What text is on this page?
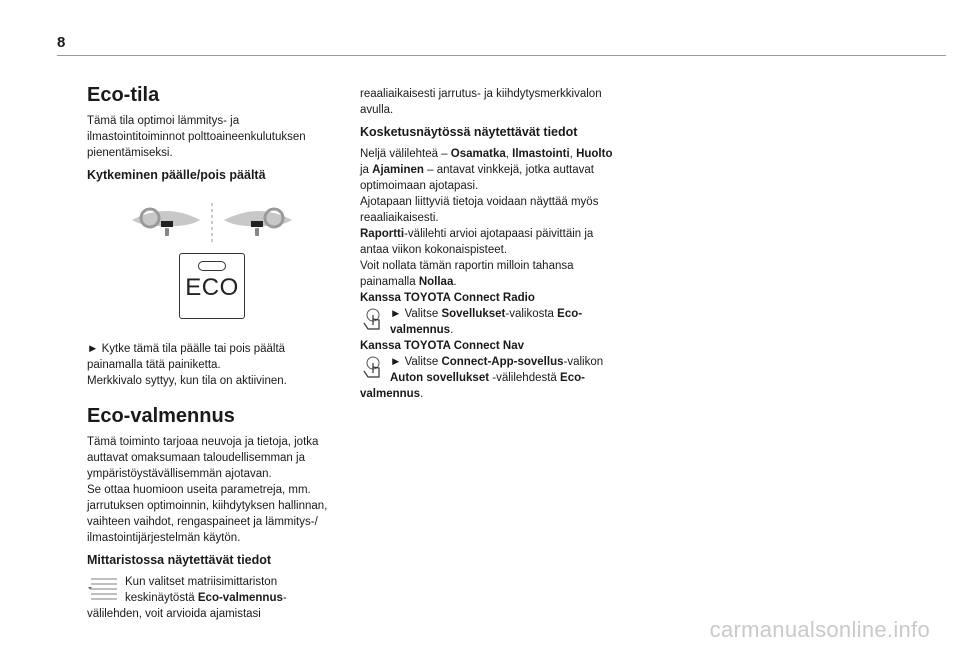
8
Eco-tila

Tämä tila optimoi lämmitys- ja ilmastointitoiminnot polttoaineenkulutuksen pienentämiseksi.

Kytkeminen päälle/pois päältä
ECO

► Kytke tämä tila päälle tai pois päältä painamalla tätä painiketta.

Merkkivalo syttyy, kun tila on aktiivinen.

Eco-valmennus

Tämä toiminto tarjoaa neuvoja ja tietoja, jotka auttavat omaksumaan taloudellisemman ja ympäristöystävällisemmän ajotavan.

Se ottaa huomioon useita parametreja, mm. jarrutuksen optimoinnin, kiihdytyksen hallinnan, vaihteen vaihdot, rengaspaineet ja lämmitys-/ ilmastointijärjestelmän käytön.

Mittaristossa näytettävät tiedot

Kun valitset matriisimittariston keskinäytöstä Eco-valmennus-välilehden, voit arvioida ajamistasi

reaaliaikaisesti jarrutus- ja kiihdytysmerkkivalon avulla.

Kosketusnäytössä näytettävät tiedot

Neljä välilehteä – Osamatka, Ilmastointi, Huolto ja Ajaminen – antavat vinkkejä, jotka auttavat optimoimaan ajotapasi.

Ajotapaan liittyviä tietoja voidaan näyttää myös reaaliaikaisesti.

Raportti-välilehti arvioi ajotapaasi päivittäin ja antaa viikon kokonaispisteet.

Voit nollata tämän raportin milloin tahansa painamalla Nollaa.

Kanssa TOYOTA Connect Radio

► Valitse Sovellukset-valikosta Eco-valmennus.

Kanssa TOYOTA Connect Nav

► Valitse Connect-App-sovellus-valikon Auton sovellukset -välilehdestä Eco-valmennus.

carmanualsonline.info
